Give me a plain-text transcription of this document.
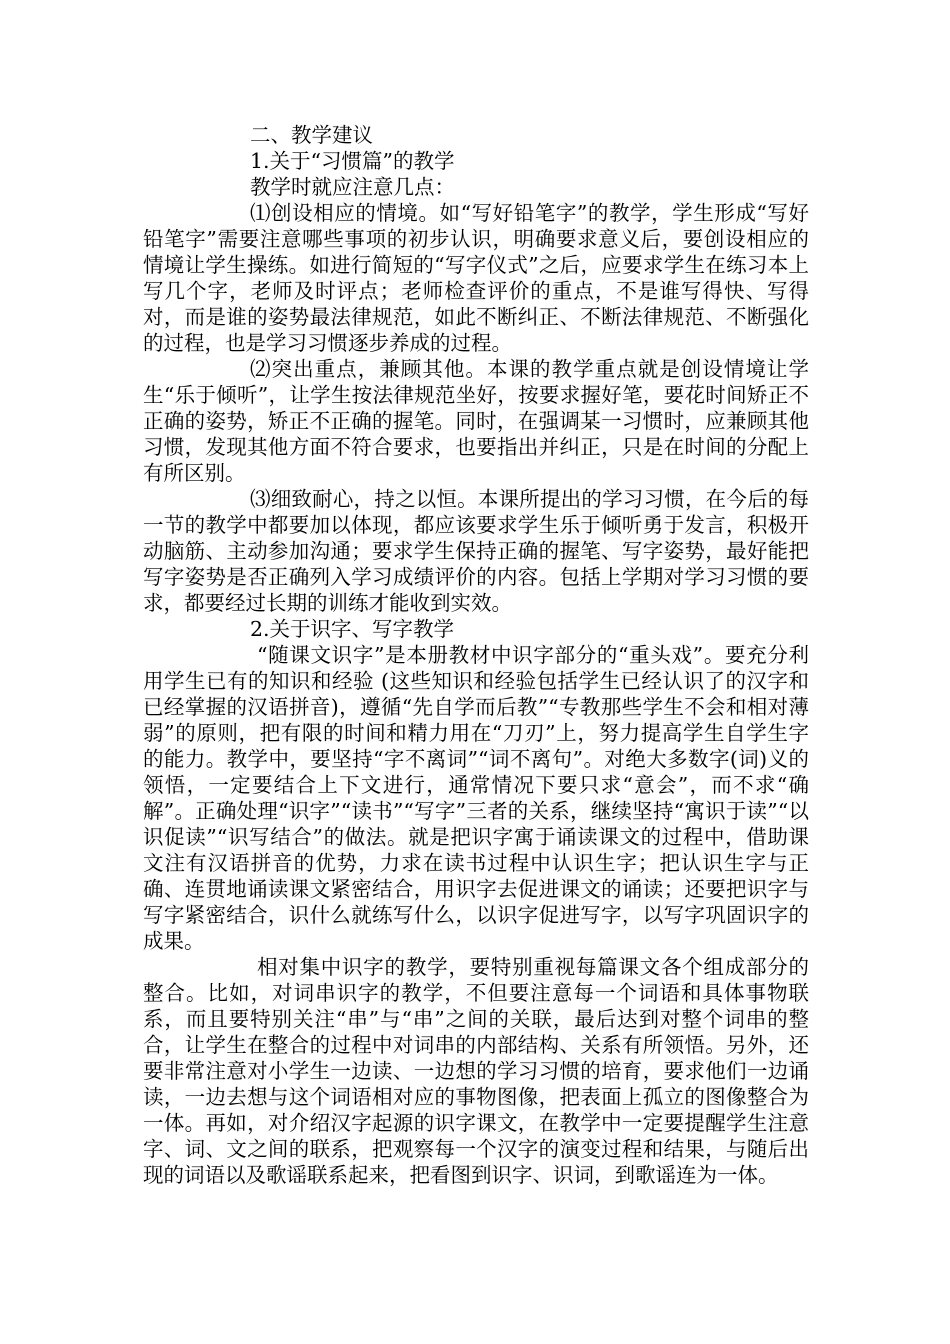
二、教学建议

1.关于“习惯篇”的教学

教学时就应注意几点：

⑴创设相应的情境。如“写好铅笔字”的教学，学生形成“写好铅笔字”需要注意哪些事项的初步认识，明确要求意义后，要创设相应的情境让学生操练。如进行简短的“写字仪式”之后，应要求学生在练习本上写几个字，老师及时评点；老师检查评价的重点，不是谁写得快、写得对，而是谁的姿势最法律规范，如此不断纠正、不断法律规范、不断强化的过程，也是学习习惯逐步养成的过程。

⑵突出重点，兼顾其他。本课的教学重点就是创设情境让学生“乐于倾听”，让学生按法律规范坐好，按要求握好笔，要花时间矫正不正确的姿势，矫正不正确的握笔。同时，在强调某一习惯时，应兼顾其他习惯，发现其他方面不符合要求，也要指出并纠正，只是在时间的分配上有所区别。

⑶细致耐心，持之以恒。本课所提出的学习习惯，在今后的每一节的教学中都要加以体现，都应该要求学生乐于倾听勇于发言，积极开动脑筋、主动参加沟通；要求学生保持正确的握笔、写字姿势，最好能把写字姿势是否正确列入学习成绩评价的内容。包括上学期对学习习惯的要求，都要经过长期的训练才能收到实效。

2.关于识字、写字教学

“随课文识字”是本册教材中识字部分的“重头戏”。要充分利用学生已有的知识和经验 (这些知识和经验包括学生已经认识了的汉字和已经掌握的汉语拼音)，遵循“先自学而后教”“专教那些学生不会和相对薄弱”的原则，把有限的时间和精力用在“刀刃”上，努力提高学生自学生字的能力。教学中，要坚持“字不离词”“词不离句”。对绝大多数字(词)义的领悟，一定要结合上下文进行，通常情况下要只求“意会”，而不求“确解”。正确处理“识字”“读书”“写字”三者的关系，继续坚持“寓识于读”“以识促读”“识写结合”的做法。就是把识字寓于诵读课文的过程中，借助课文注有汉语拼音的优势，力求在读书过程中认识生字；把认识生字与正确、连贯地诵读课文紧密结合，用识字去促进课文的诵读；还要把识字与写字紧密结合，识什么就练写什么，以识字促进写字，以写字巩固识字的成果。

相对集中识字的教学，要特别重视每篇课文各个组成部分的整合。比如，对词串识字的教学，不但要注意每一个词语和具体事物联系，而且要特别关注“串”与“串”之间的关联，最后达到对整个词串的整合，让学生在整合的过程中对词串的内部结构、关系有所领悟。另外，还要非常注意对小学生一边读、一边想的学习习惯的培育，要求他们一边诵读，一边去想与这个词语相对应的事物图像，把表面上孤立的图像整合为一体。再如，对介绍汉字起源的识字课文，在教学中一定要提醒学生注意字、词、文之间的联系，把观察每一个汉字的演变过程和结果，与随后出现的词语以及歌谣联系起来，把看图到识字、识词，到歌谣连为一体。
